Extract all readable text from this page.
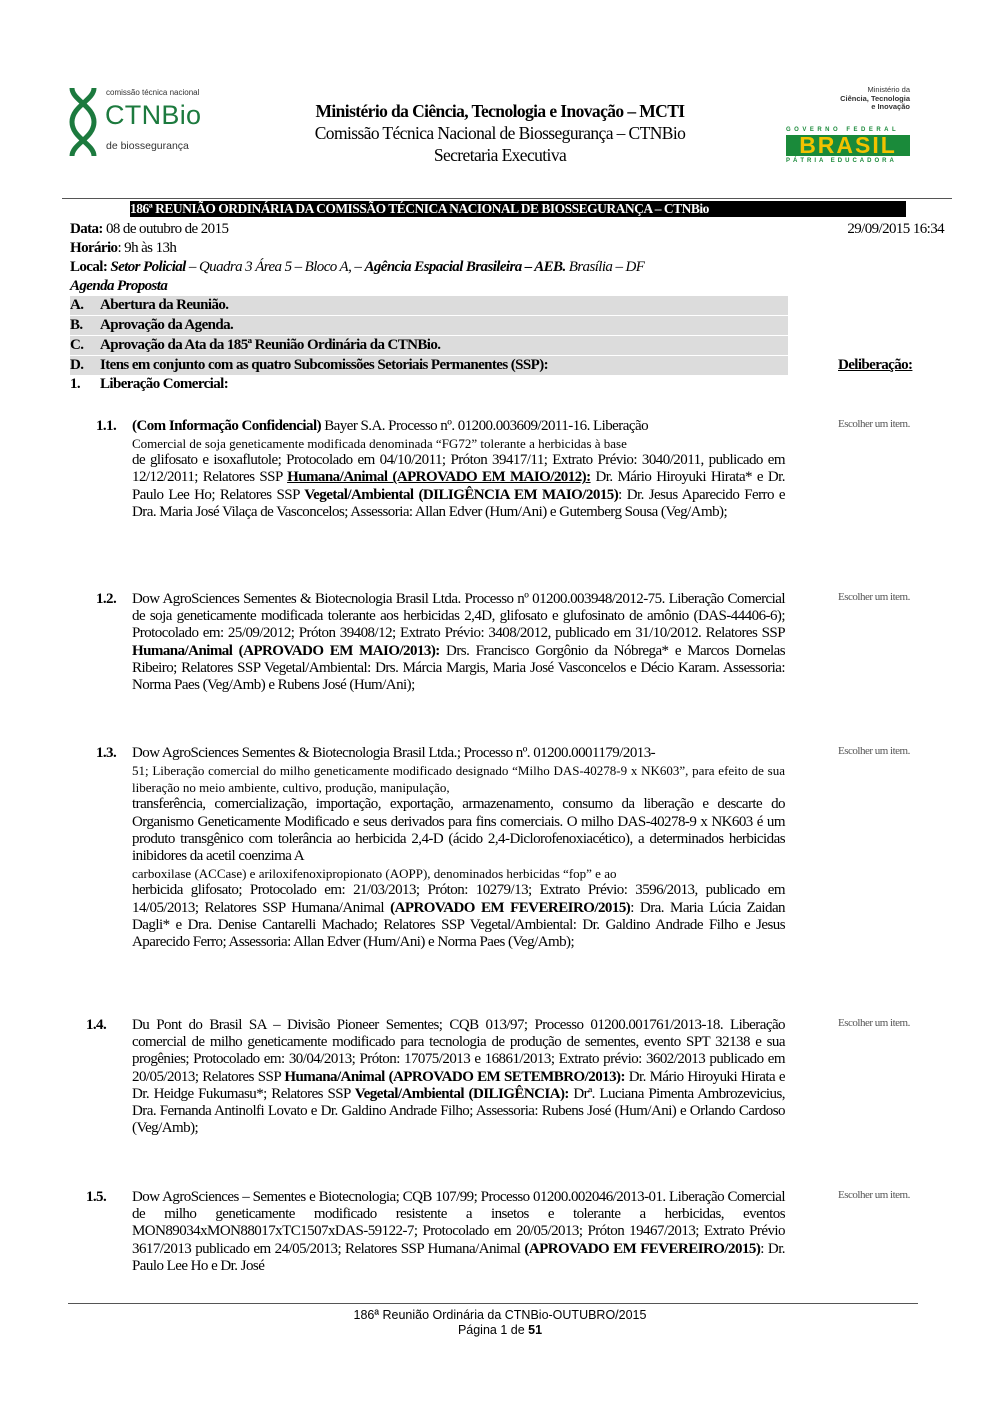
comissão técnica nacional
CTNBio
de biossegurança
Ministério da Ciência, Tecnologia e Inovação – MCTI
Comissão Técnica Nacional de Biossegurança – CTNBio
Secretaria Executiva
Ministério da
Ciência, Tecnologia
e Inovação
GOVERNO FEDERAL
BRASIL
PÁTRIA EDUCADORA
186ª REUNIÃO ORDINÁRIA DA COMISSÃO TÉCNICA NACIONAL DE BIOSSEGURANÇA – CTNBio
Data: 08 de outubro de 2015	29/09/2015 16:34
Horário: 9h às 13h
Local: Setor Policial – Quadra 3 Área 5 – Bloco A, – Agência Espacial Brasileira – AEB. Brasília – DF
Agenda Proposta
A. Abertura da Reunião.
B. Aprovação da Agenda.
C. Aprovação da Ata da 185ª Reunião Ordinária da CTNBio.
D. Itens em conjunto com as quatro Subcomissões Setoriais Permanentes (SSP):	Deliberação:
1. Liberação Comercial:
1.1. (Com Informação Confidencial) Bayer S.A. Processo nº. 01200.003609/2011-16. Liberação
Comercial de soja geneticamente modificada denominada “FG72” tolerante a herbicidas à base
de glifosato e isoxaflutole; Protocolado em 04/10/2011; Próton 39417/11; Extrato Prévio: 3040/2011, publicado em 12/12/2011; Relatores SSP Humana/Animal (APROVADO EM MAIO/2012): Dr. Mário Hiroyuki Hirata* e Dr. Paulo Lee Ho; Relatores SSP Vegetal/Ambiental (DILIGÊNCIA EM MAIO/2015): Dr. Jesus Aparecido Ferro e Dra. Maria José Vilaça de Vasconcelos; Assessoria: Allan Edver (Hum/Ani) e Gutemberg Sousa (Veg/Amb);
Escolher um item.
1.2. Dow AgroSciences Sementes & Biotecnologia Brasil Ltda. Processo nº 01200.003948/2012-75. Liberação Comercial de soja geneticamente modificada tolerante aos herbicidas 2,4D, glifosato e glufosinato de amônio (DAS-44406-6); Protocolado em: 25/09/2012; Próton 39408/12; Extrato Prévio: 3408/2012, publicado em 31/10/2012. Relatores SSP Humana/Animal (APROVADO EM MAIO/2013): Drs. Francisco Gorgônio da Nóbrega* e Marcos Dornelas Ribeiro; Relatores SSP Vegetal/Ambiental: Drs. Márcia Margis, Maria José Vasconcelos e Décio Karam. Assessoria: Norma Paes (Veg/Amb) e Rubens José (Hum/Ani);
Escolher um item.
1.3. Dow AgroSciences Sementes & Biotecnologia Brasil Ltda.; Processo nº. 01200.0001179/2013-
51; Liberação comercial do milho geneticamente modificado designado “Milho DAS-40278-9 x NK603”, para efeito de sua liberação no meio ambiente, cultivo, produção, manipulação,
transferência, comercialização, importação, exportação, armazenamento, consumo da liberação e descarte do Organismo Geneticamente Modificado e seus derivados para fins comerciais. O milho DAS-40278-9 x NK603 é um produto transgênico com tolerância ao herbicida 2,4-D (ácido 2,4-Diclorofenoxiacético), a determinados herbicidas inibidores da acetil coenzima A
carboxilase (ACCase) e ariloxifenoxipropionato (AOPP), denominados herbicidas “fop” e ao
herbicida glifosato; Protocolado em: 21/03/2013; Próton: 10279/13; Extrato Prévio: 3596/2013, publicado em 14/05/2013; Relatores SSP Humana/Animal (APROVADO EM FEVEREIRO/2015): Dra. Maria Lúcia Zaidan Dagli* e Dra. Denise Cantarelli Machado; Relatores SSP Vegetal/Ambiental: Dr. Galdino Andrade Filho e Jesus Aparecido Ferro; Assessoria: Allan Edver (Hum/Ani) e Norma Paes (Veg/Amb);
Escolher um item.
1.4. Du Pont do Brasil SA – Divisão Pioneer Sementes; CQB 013/97; Processo 01200.001761/2013-18. Liberação comercial de milho geneticamente modificado para tecnologia de produção de sementes, evento SPT 32138 e sua progênies; Protocolado em: 30/04/2013; Próton: 17075/2013 e 16861/2013; Extrato prévio: 3602/2013 publicado em 20/05/2013; Relatores SSP Humana/Animal (APROVADO EM SETEMBRO/2013): Dr. Mário Hiroyuki Hirata e Dr. Heidge Fukumasu*; Relatores SSP Vegetal/Ambiental (DILIGÊNCIA): Drª. Luciana Pimenta Ambrozevicius, Dra. Fernanda Antinolfi Lovato e Dr. Galdino Andrade Filho; Assessoria: Rubens José (Hum/Ani) e Orlando Cardoso (Veg/Amb);
Escolher um item.
1.5. Dow AgroSciences – Sementes e Biotecnologia; CQB 107/99; Processo 01200.002046/2013-01. Liberação Comercial de milho geneticamente modificado resistente a insetos e tolerante a herbicidas, eventos MON89034xMON88017xTC1507xDAS-59122-7; Protocolado em 20/05/2013; Próton 19467/2013; Extrato Prévio 3617/2013 publicado em 24/05/2013; Relatores SSP Humana/Animal (APROVADO EM FEVEREIRO/2015): Dr. Paulo Lee Ho e Dr. José
Escolher um item.
186ª Reunião Ordinária da CTNBio-OUTUBRO/2015
Página 1 de 51
